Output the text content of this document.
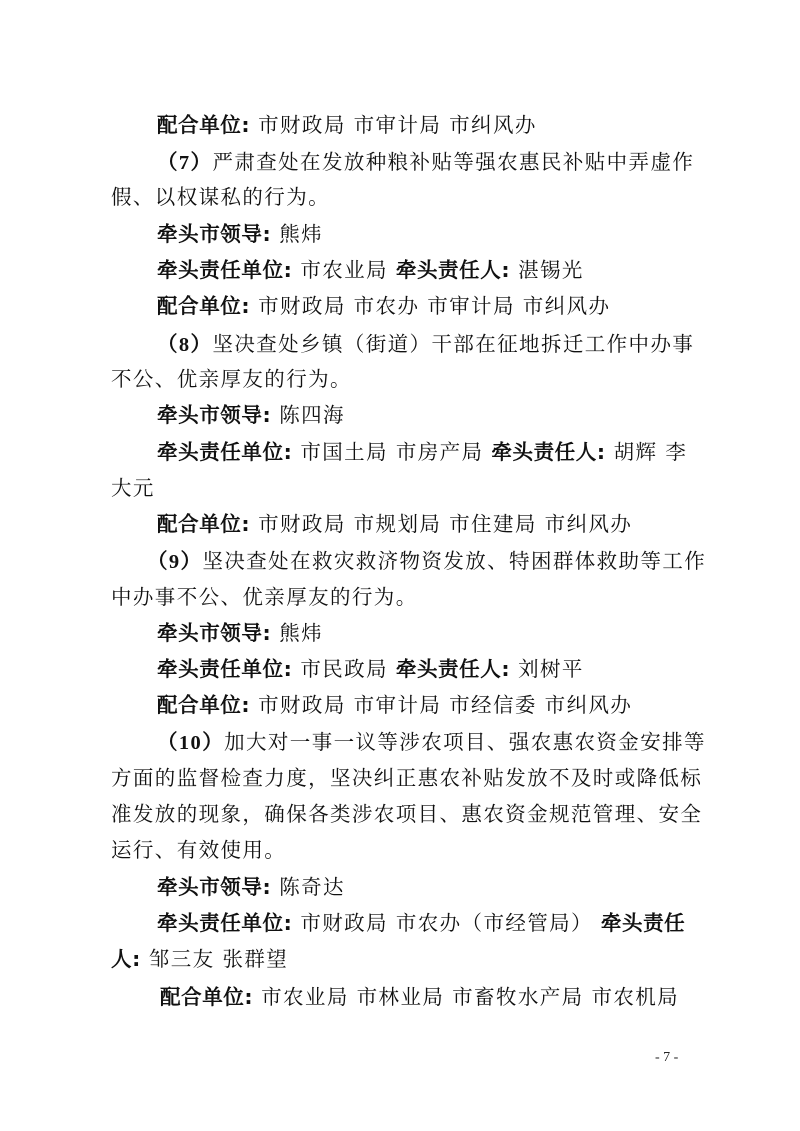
配合单位: 市财政局 市审计局 市纠风办
（7）严肃查处在发放种粮补贴等强农惠民补贴中弄虚作
假、以权谋私的行为。
牵头市领导: 熊炜
牵头责任单位: 市农业局 牵头责任人: 湛锡光
配合单位: 市财政局 市农办 市审计局 市纠风办
（8）坚决查处乡镇（街道）干部在征地拆迁工作中办事
不公、优亲厚友的行为。
牵头市领导: 陈四海
牵头责任单位: 市国土局 市房产局 牵头责任人: 胡辉 李
大元
配合单位: 市财政局 市规划局 市住建局 市纠风办
（9）坚决查处在救灾救济物资发放、特困群体救助等工作
中办事不公、优亲厚友的行为。
牵头市领导: 熊炜
牵头责任单位: 市民政局 牵头责任人: 刘树平
配合单位: 市财政局 市审计局 市经信委 市纠风办
（10）加大对一事一议等涉农项目、强农惠农资金安排等
方面的监督检查力度，坚决纠正惠农补贴发放不及时或降低标
准发放的现象，确保各类涉农项目、惠农资金规范管理、安全
运行、有效使用。
牵头市领导: 陈奇达
牵头责任单位: 市财政局 市农办（市经管局） 牵头责任
人: 邹三友 张群望
配合单位: 市农业局 市林业局 市畜牧水产局 市农机局
- 7 -
